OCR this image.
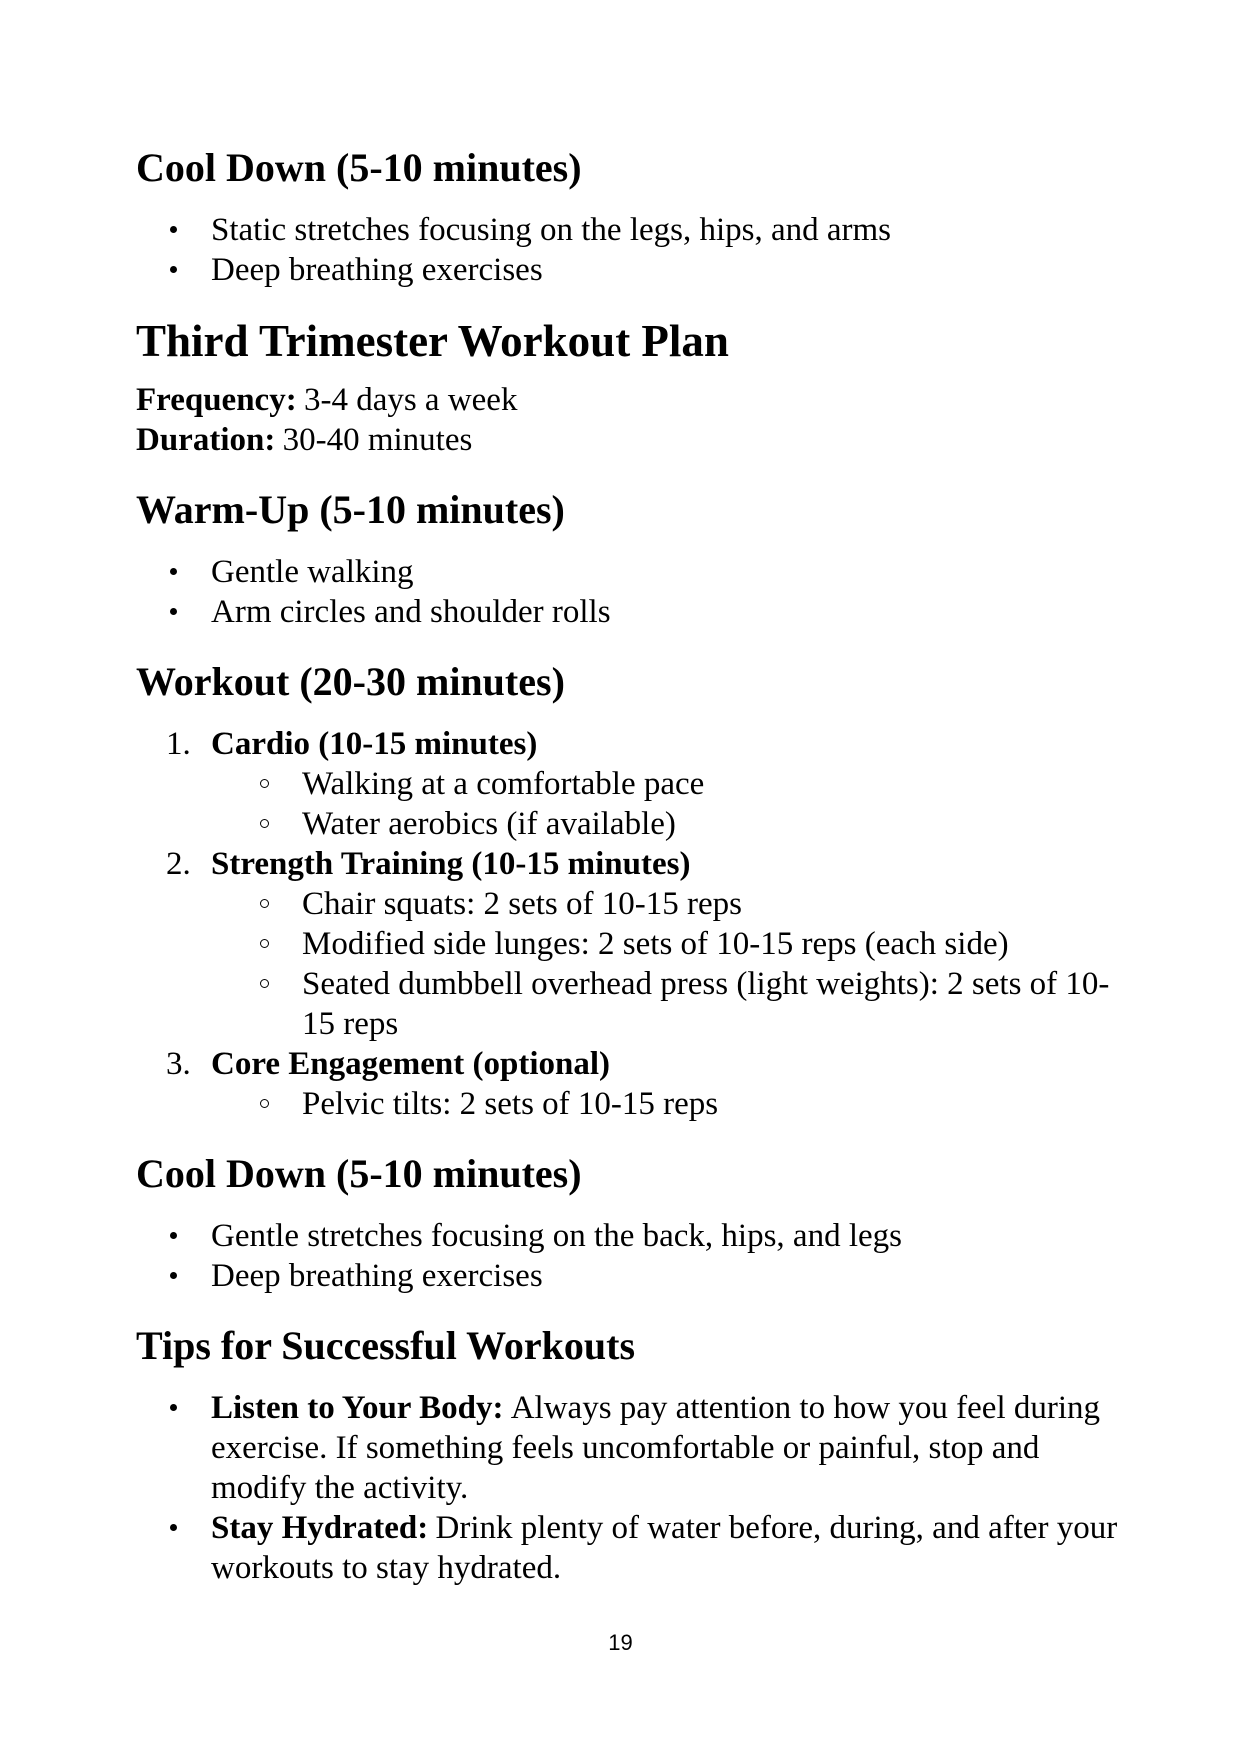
Cool Down (5-10 minutes)
Static stretches focusing on the legs, hips, and arms
Deep breathing exercises
Third Trimester Workout Plan

Frequency: 3-4 days a week
Duration: 30-40 minutes

Warm-Up (5-10 minutes)
Gentle walking
Arm circles and shoulder rolls
Workout (20-30 minutes)
1. Cardio (10-15 minutes)
Walking at a comfortable pace
Water aerobics (if available)
2. Strength Training (10-15 minutes)
Chair squats: 2 sets of 10-15 reps
Modified side lunges: 2 sets of 10-15 reps (each side)
Seated dumbbell overhead press (light weights): 2 sets of 10-15 reps
3. Core Engagement (optional)
Pelvic tilts: 2 sets of 10-15 reps
Cool Down (5-10 minutes)
Gentle stretches focusing on the back, hips, and legs
Deep breathing exercises
Tips for Successful Workouts
Listen to Your Body: Always pay attention to how you feel during exercise. If something feels uncomfortable or painful, stop and modify the activity.
Stay Hydrated: Drink plenty of water before, during, and after your workouts to stay hydrated.
19
